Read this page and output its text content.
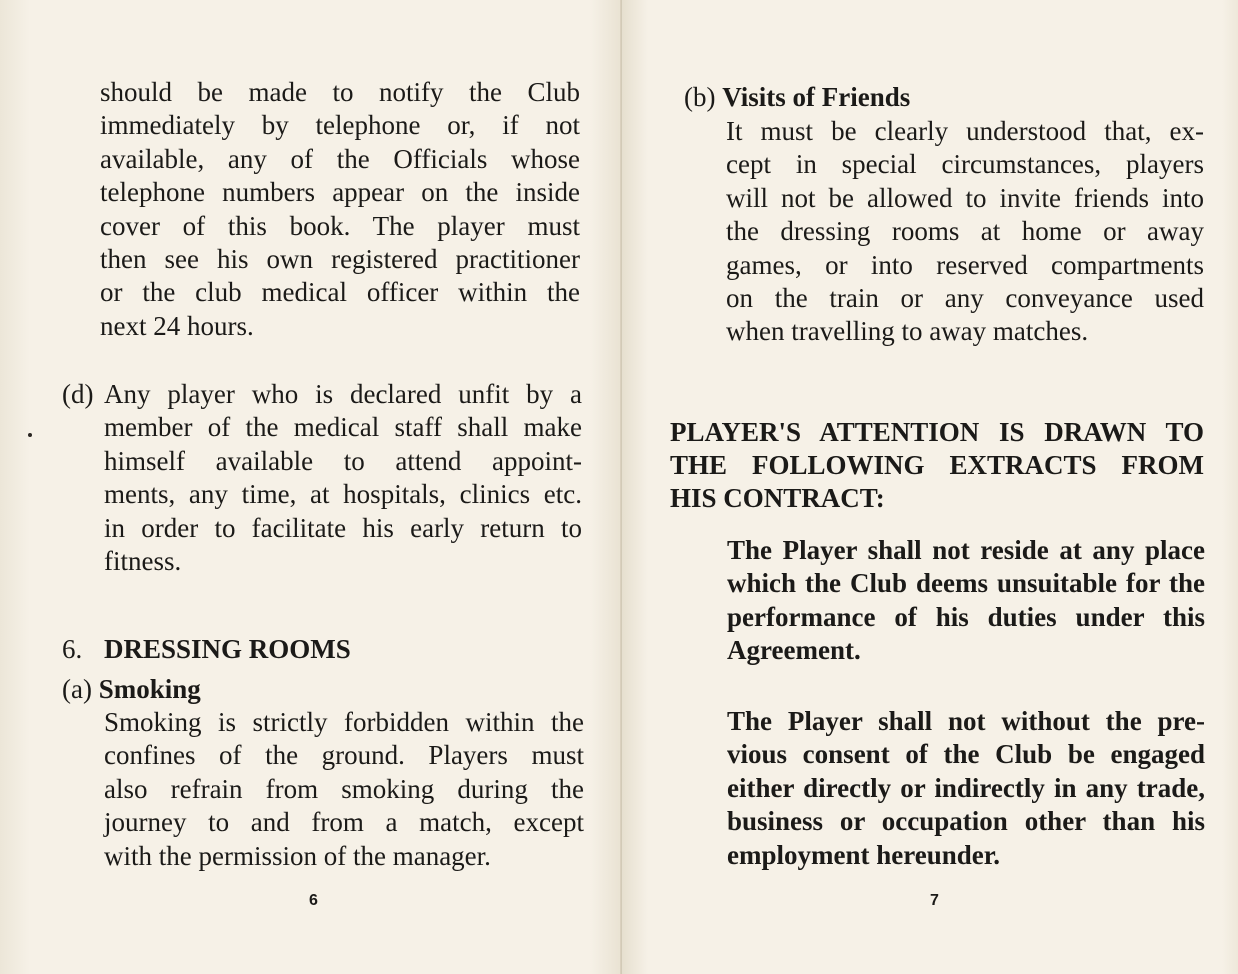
should be made to notify the Club
immediately by telephone or, if not
available, any of the Officials whose
telephone numbers appear on the inside
cover of this book. The player must
then see his own registered practitioner
or the club medical officer within the
next 24 hours.
(d) Any player who is declared unfit by a
member of the medical staff shall make
himself available to attend appoint-
ments, any time, at hospitals, clinics etc.
in order to facilitate his early return to
fitness.
6. DRESSING ROOMS
(a) Smoking
Smoking is strictly forbidden within the
confines of the ground. Players must
also refrain from smoking during the
journey to and from a match, except
with the permission of the manager.
6
(b) Visits of Friends
It must be clearly understood that, ex-
cept in special circumstances, players
will not be allowed to invite friends into
the dressing rooms at home or away
games, or into reserved compartments
on the train or any conveyance used
when travelling to away matches.
PLAYER'S ATTENTION IS DRAWN TO
THE FOLLOWING EXTRACTS FROM
HIS CONTRACT:
The Player shall not reside at any place
which the Club deems unsuitable for the
performance of his duties under this
Agreement.
The Player shall not without the pre-
vious consent of the Club be engaged
either directly or indirectly in any trade,
business or occupation other than his
employment hereunder.
7
